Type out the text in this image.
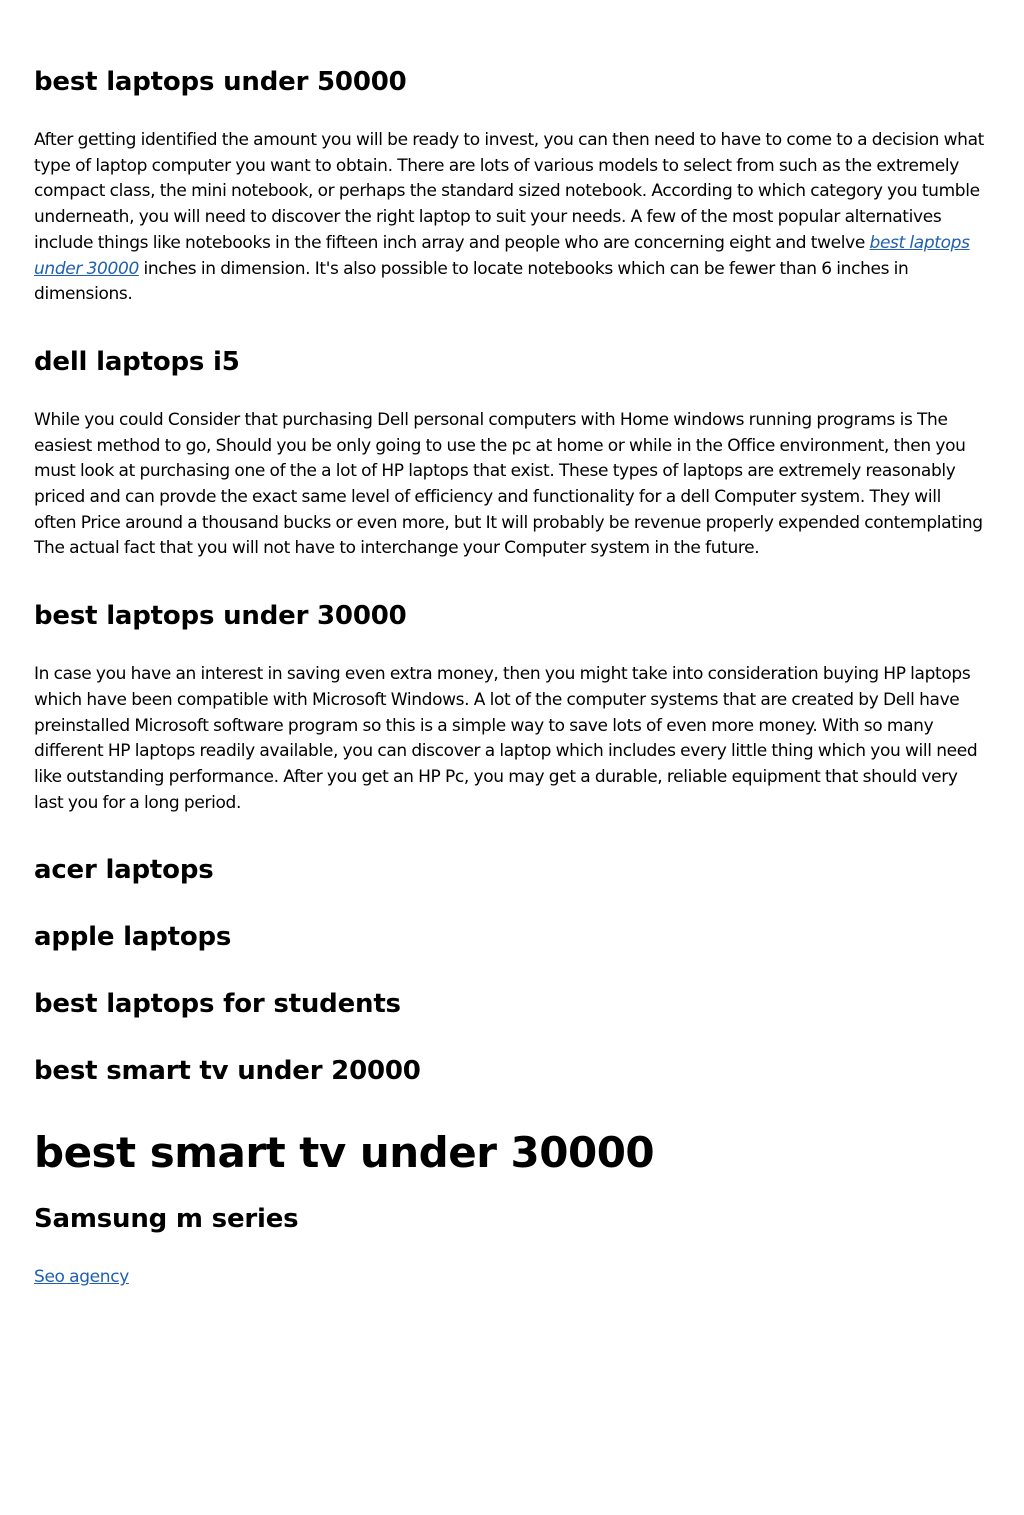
best laptops under 50000

After getting identified the amount you will be ready to invest, you can then need to have to come to a decision what type of laptop computer you want to obtain. There are lots of various models to select from such as the extremely compact class, the mini notebook, or perhaps the standard sized notebook. According to which category you tumble underneath, you will need to discover the right laptop to suit your needs. A few of the most popular alternatives include things like notebooks in the fifteen inch array and people who are concerning eight and twelve best laptops under 30000 inches in dimension. It's also possible to locate notebooks which can be fewer than 6 inches in dimensions.

dell laptops i5

While you could Consider that purchasing Dell personal computers with Home windows running programs is The easiest method to go, Should you be only going to use the pc at home or while in the Office environment, then you must look at purchasing one of the a lot of HP laptops that exist. These types of laptops are extremely reasonably priced and can provde the exact same level of efficiency and functionality for a dell Computer system. They will often Price around a thousand bucks or even more, but It will probably be revenue properly expended contemplating The actual fact that you will not have to interchange your Computer system in the future.

best laptops under 30000

In case you have an interest in saving even extra money, then you might take into consideration buying HP laptops which have been compatible with Microsoft Windows. A lot of the computer systems that are created by Dell have preinstalled Microsoft software program so this is a simple way to save lots of even more money. With so many different HP laptops readily available, you can discover a laptop which includes every little thing which you will need like outstanding performance. After you get an HP Pc, you may get a durable, reliable equipment that should very last you for a long period.

acer laptops
apple laptops
best laptops for students
best smart tv under 20000
best smart tv under 30000
Samsung m series

Seo agency
